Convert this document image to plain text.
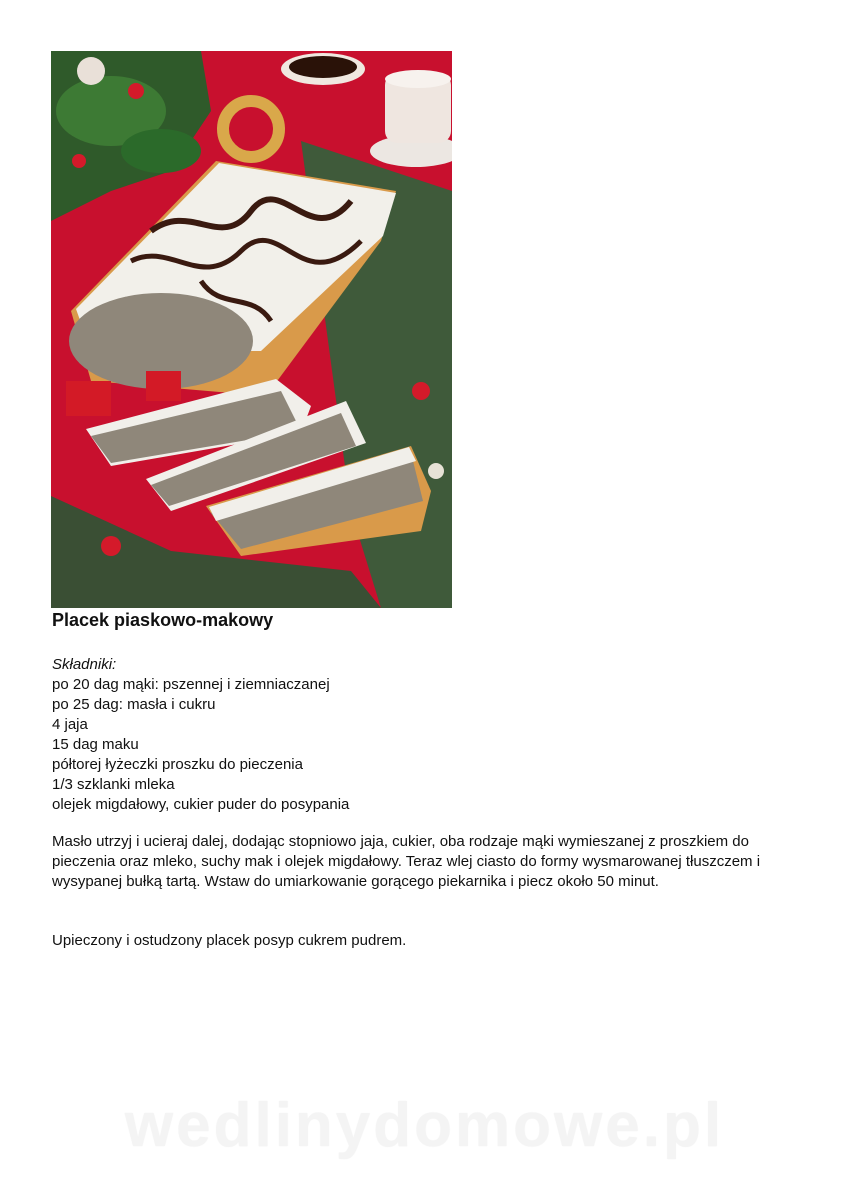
Placek piaskowo-makowy
Składniki:
po 20 dag mąki: pszennej i ziemniaczanej
po 25 dag: masła i cukru
4 jaja
15 dag maku
półtorej łyżeczki proszku do pieczenia
1/3 szklanki mleka
olejek migdałowy, cukier puder do posypania

Masło utrzyj i ucieraj dalej, dodając stopniowo jaja, cukier, oba rodzaje mąki wymieszanej z proszkiem do pieczenia oraz mleko, suchy mak i olejek migdałowy. Teraz wlej ciasto do formy wysmarowanej tłuszczem i wysypanej bułką tartą. Wstaw do umiarkowanie gorącego piekarnika i piecz około 50 minut.

Upieczony i ostudzony placek posyp cukrem pudrem.

wedlinydomowe.pl
